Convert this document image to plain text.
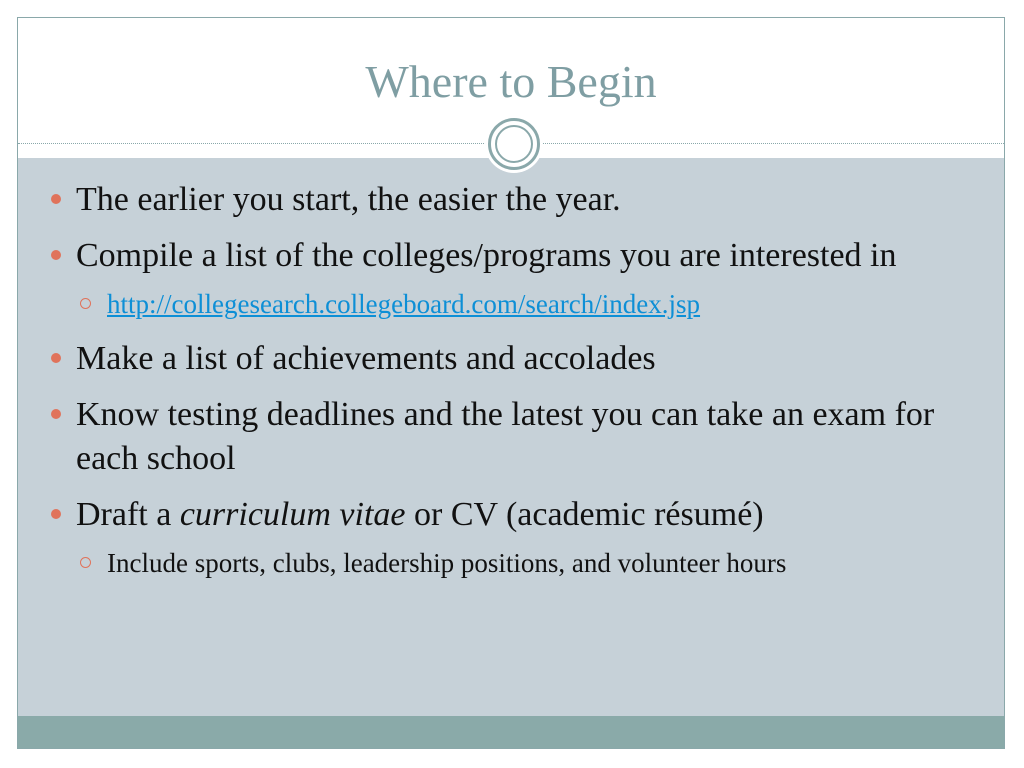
Where to Begin
The earlier you start, the easier the year.
Compile a list of the colleges/programs you are interested in
http://collegesearch.collegeboard.com/search/index.jsp
Make a list of achievements and accolades
Know testing deadlines and the latest you can take an exam for each school
Draft a curriculum vitae or CV (academic résumé)
Include sports, clubs, leadership positions, and volunteer hours
